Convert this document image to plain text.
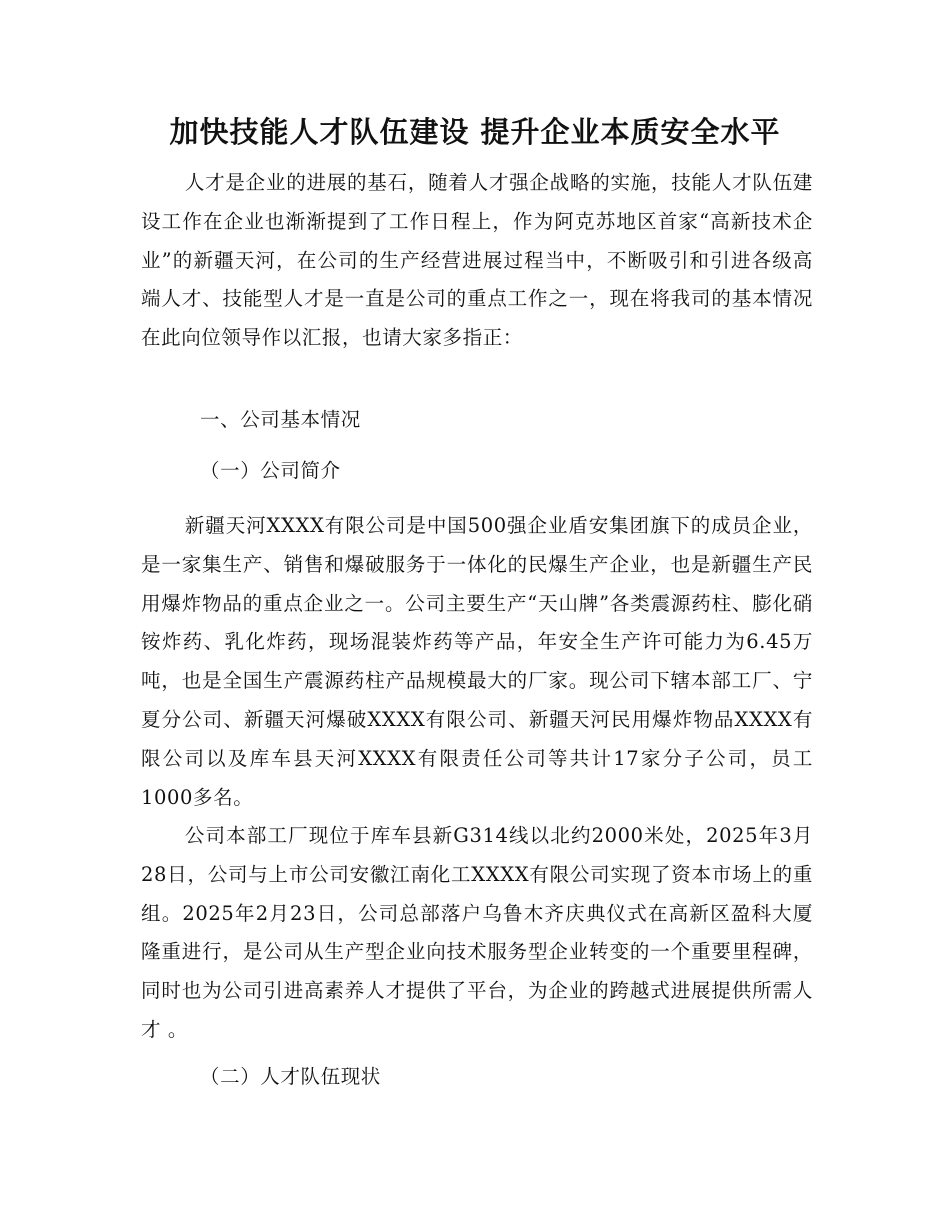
加快技能人才队伍建设 提升企业本质安全水平

人才是企业的进展的基石，随着人才强企战略的实施，技能人才队伍建设工作在企业也渐渐提到了工作日程上，作为阿克苏地区首家“高新技术企业”的新疆天河，在公司的生产经营进展过程当中，不断吸引和引进各级高端人才、技能型人才是一直是公司的重点工作之一，现在将我司的基本情况在此向位领导作以汇报，也请大家多指正：

一、公司基本情况

（一）公司简介

新疆天河XXXX有限公司是中国500强企业盾安集团旗下的成员企业，是一家集生产、销售和爆破服务于一体化的民爆生产企业，也是新疆生产民用爆炸物品的重点企业之一。公司主要生产“天山牌”各类震源药柱、膨化硝铵炸药、乳化炸药，现场混装炸药等产品，年安全生产许可能力为6.45万吨，也是全国生产震源药柱产品规模最大的厂家。现公司下辖本部工厂、宁夏分公司、新疆天河爆破XXXX有限公司、新疆天河民用爆炸物品XXXX有限公司以及库车县天河XXXX有限责任公司等共计17家分子公司，员工1000多名。

公司本部工厂现位于库车县新G314线以北约2000米处，2025年3月28日，公司与上市公司安徽江南化工XXXX有限公司实现了资本市场上的重组。2025年2月23日，公司总部落户乌鲁木齐庆典仪式在高新区盈科大厦隆重进行，是公司从生产型企业向技术服务型企业转变的一个重要里程碑，同时也为公司引进高素养人才提供了平台，为企业的跨越式进展提供所需人才 。

（二）人才队伍现状
